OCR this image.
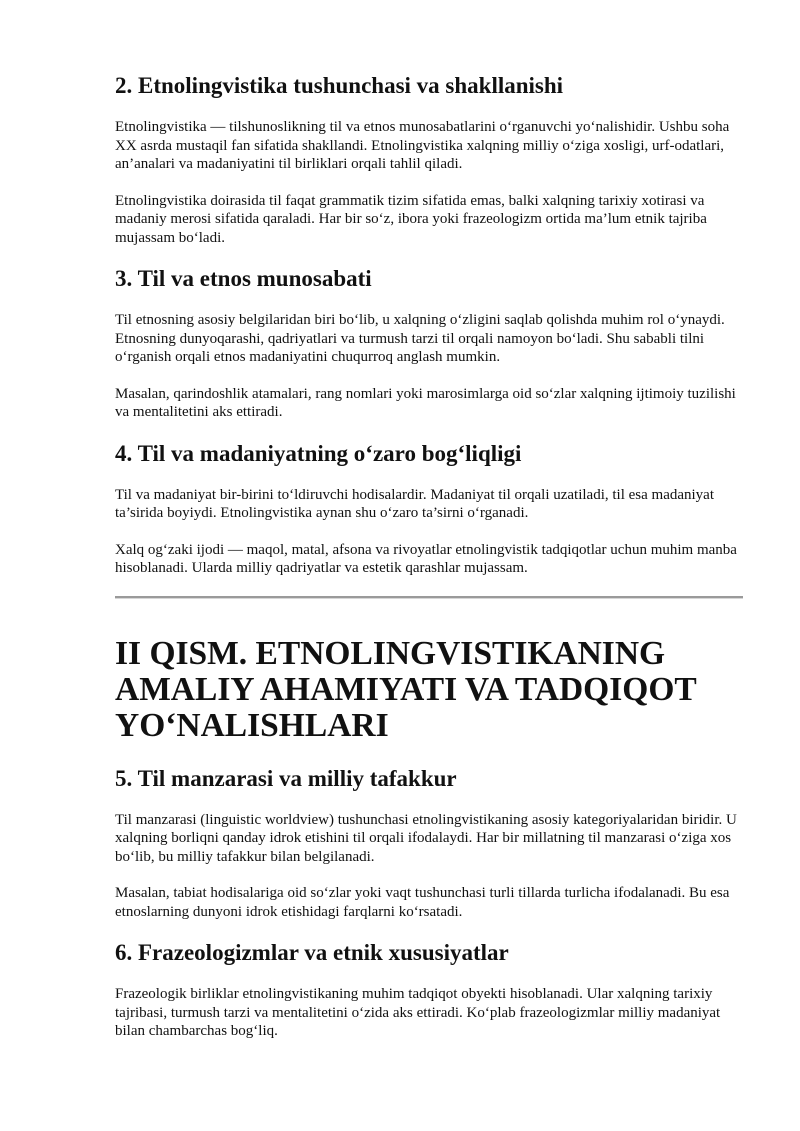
2. Etnolingvistika tushunchasi va shakllanishi

Etnolingvistika — tilshunoslikning til va etnos munosabatlarini o‘rganuvchi yo‘nalishidir. Ushbu soha XX asrda mustaqil fan sifatida shakllandi. Etnolingvistika xalqning milliy o‘ziga xosligi, urf-odatlari, an’analari va madaniyatini til birliklari orqali tahlil qiladi.

Etnolingvistika doirasida til faqat grammatik tizim sifatida emas, balki xalqning tarixiy xotirasi va madaniy merosi sifatida qaraladi. Har bir so‘z, ibora yoki frazeologizm ortida ma’lum etnik tajriba mujassam bo‘ladi.

3. Til va etnos munosabati

Til etnosning asosiy belgilaridan biri bo‘lib, u xalqning o‘zligini saqlab qolishda muhim rol o‘ynaydi. Etnosning dunyoqarashi, qadriyatlari va turmush tarzi til orqali namoyon bo‘ladi. Shu sababli tilni o‘rganish orqali etnos madaniyatini chuqurroq anglash mumkin.

Masalan, qarindoshlik atamalari, rang nomlari yoki marosimlarga oid so‘zlar xalqning ijtimoiy tuzilishi va mentalitetini aks ettiradi.

4. Til va madaniyatning o‘zaro bog‘liqligi

Til va madaniyat bir-birini to‘ldiruvchi hodisalardir. Madaniyat til orqali uzatiladi, til esa madaniyat ta’sirida boyiydi. Etnolingvistika aynan shu o‘zaro ta’sirni o‘rganadi.

Xalq og‘zaki ijodi — maqol, matal, afsona va rivoyatlar etnolingvistik tadqiqotlar uchun muhim manba hisoblanadi. Ularda milliy qadriyatlar va estetik qarashlar mujassam.

II QISM. ETNOLINGVISTIKANING AMALIY AHAMIYATI VA TADQIQOT YO‘NALISHLARI
5. Til manzarasi va milliy tafakkur

Til manzarasi (linguistic worldview) tushunchasi etnolingvistikaning asosiy kategoriyalaridan biridir. U xalqning borliqni qanday idrok etishini til orqali ifodalaydi. Har bir millatning til manzarasi o‘ziga xos bo‘lib, bu milliy tafakkur bilan belgilanadi.

Masalan, tabiat hodisalariga oid so‘zlar yoki vaqt tushunchasi turli tillarda turlicha ifodalanadi. Bu esa etnoslarning dunyoni idrok etishidagi farqlarni ko‘rsatadi.

6. Frazeologizmlar va etnik xususiyatlar

Frazeologik birliklar etnolingvistikaning muhim tadqiqot obyekti hisoblanadi. Ular xalqning tarixiy tajribasi, turmush tarzi va mentalitetini o‘zida aks ettiradi. Ko‘plab frazeologizmlar milliy madaniyat bilan chambarchas bog‘liq.
